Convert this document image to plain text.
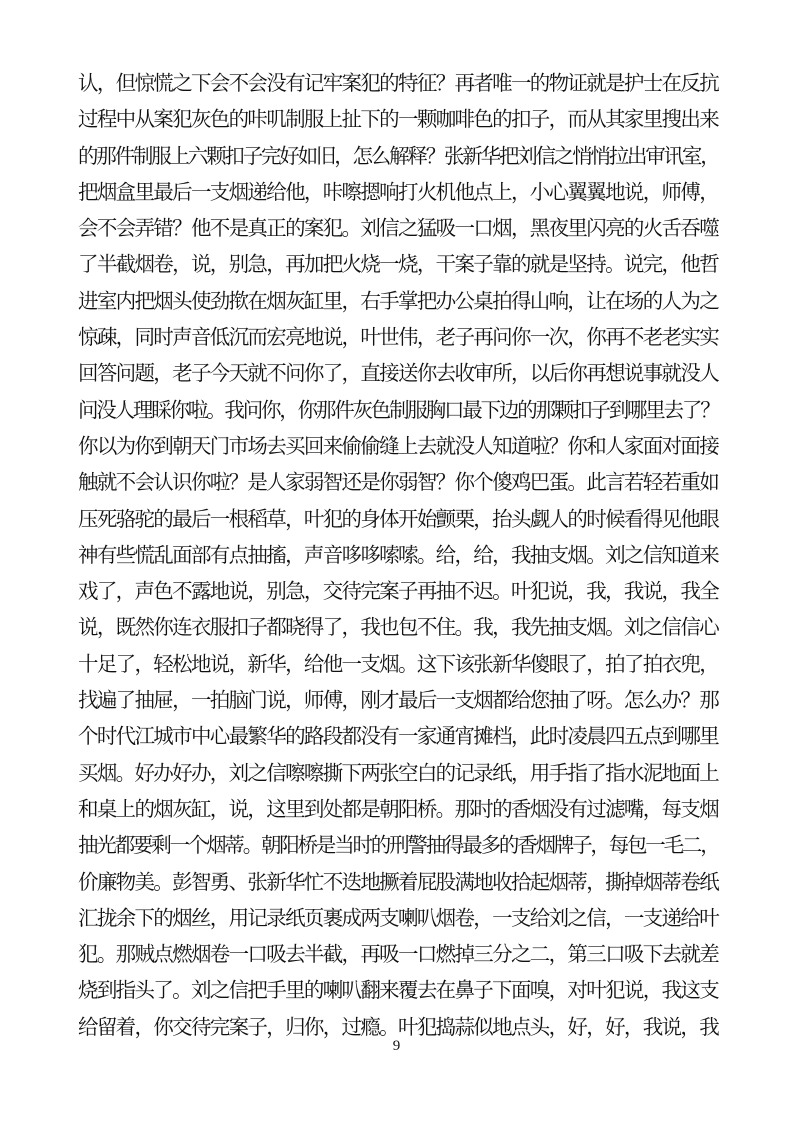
认，但惊慌之下会不会没有记牢案犯的特征？再者唯一的物证就是护士在反抗
过程中从案犯灰色的咔叽制服上扯下的一颗咖啡色的扣子，而从其家里搜出来
的那件制服上六颗扣子完好如旧，怎么解释？张新华把刘信之悄悄拉出审讯室，
把烟盒里最后一支烟递给他，咔嚓摁响打火机他点上，小心翼翼地说，师傅，
会不会弄错？他不是真正的案犯。刘信之猛吸一口烟，黑夜里闪亮的火舌吞噬
了半截烟卷，说，别急，再加把火烧一烧，干案子靠的就是坚持。说完，他哲
进室内把烟头使劲揿在烟灰缸里，右手掌把办公桌拍得山响，让在场的人为之
惊疎，同时声音低沉而宏亮地说，叶世伟，老子再问你一次，你再不老老实实
回答问题，老子今天就不问你了，直接送你去收审所，以后你再想说事就没人
问没人理睬你啦。我问你，你那件灰色制服胸口最下边的那颗扣子到哪里去了？
你以为你到朝天门市场去买回来偷偷缝上去就没人知道啦？你和人家面对面接
触就不会认识你啦？是人家弱智还是你弱智？你个傻鸡巴蛋。此言若轻若重如
压死骆驼的最后一根稻草，叶犯的身体开始颤栗，抬头觑人的时候看得见他眼
神有些慌乱面部有点抽搐，声音哆哆嗦嗦。给，给，我抽支烟。刘之信知道来
戏了，声色不露地说，别急，交待完案子再抽不迟。叶犯说，我，我说，我全
说，既然你连衣服扣子都晓得了，我也包不住。我，我先抽支烟。刘之信信心
十足了，轻松地说，新华，给他一支烟。这下该张新华傻眼了，拍了拍衣兜，
找遍了抽屉，一拍脑门说，师傅，刚才最后一支烟都给您抽了呀。怎么办？那
个时代江城市中心最繁华的路段都没有一家通宵摊档，此时凌晨四五点到哪里
买烟。好办好办，刘之信嚓嚓撕下两张空白的记录纸，用手指了指水泥地面上
和桌上的烟灰缸，说，这里到处都是朝阳桥。那时的香烟没有过滤嘴，每支烟
抽光都要剩一个烟蒂。朝阳桥是当时的刑警抽得最多的香烟牌子，每包一毛二，
价廉物美。彭智勇、张新华忙不迭地撅着屁股满地收拾起烟蒂，撕掉烟蒂卷纸
汇拢余下的烟丝，用记录纸页裹成两支喇叭烟卷，一支给刘之信，一支递给叶
犯。那贼点燃烟卷一口吸去半截，再吸一口燃掉三分之二，第三口吸下去就差
烧到指头了。刘之信把手里的喇叭翻来覆去在鼻子下面嗅，对叶犯说，我这支
给留着，你交待完案子，归你，过瘾。叶犯捣蒜似地点头，好，好，我说，我
9
